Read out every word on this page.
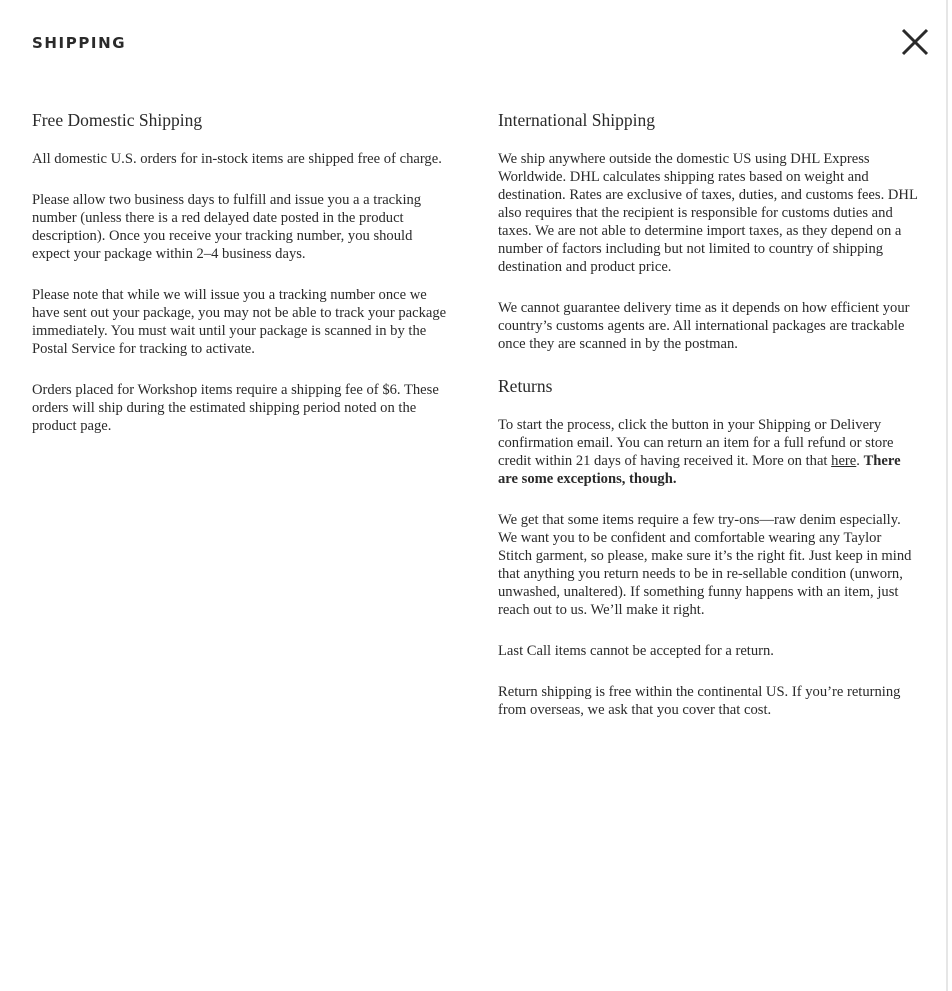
SHIPPING
Free Domestic Shipping

All domestic U.S. orders for in-stock items are shipped free of charge.

Please allow two business days to fulfill and issue you a a tracking number (unless there is a red delayed date posted in the product description). Once you receive your tracking number, you should expect your package within 2–4 business days.

Please note that while we will issue you a tracking number once we have sent out your package, you may not be able to track your package immediately. You must wait until your package is scanned in by the Postal Service for tracking to activate.

Orders placed for Workshop items require a shipping fee of $6. These orders will ship during the estimated shipping period noted on the product page.

International Shipping

We ship anywhere outside the domestic US using DHL Express Worldwide. DHL calculates shipping rates based on weight and destination. Rates are exclusive of taxes, duties, and customs fees. DHL also requires that the recipient is responsible for customs duties and taxes. We are not able to determine import taxes, as they depend on a number of factors including but not limited to country of shipping destination and product price.

We cannot guarantee delivery time as it depends on how efficient your country’s customs agents are. All international packages are trackable once they are scanned in by the postman.

Returns

To start the process, click the button in your Shipping or Delivery confirmation email. You can return an item for a full refund or store credit within 21 days of having received it. More on that here. There are some exceptions, though.

We get that some items require a few try-ons—raw denim especially. We want you to be confident and comfortable wearing any Taylor Stitch garment, so please, make sure it’s the right fit. Just keep in mind that anything you return needs to be in re-sellable condition (unworn, unwashed, unaltered). If something funny happens with an item, just reach out to us. We’ll make it right.

Last Call items cannot be accepted for a return.

Return shipping is free within the continental US. If you’re returning from overseas, we ask that you cover that cost.
